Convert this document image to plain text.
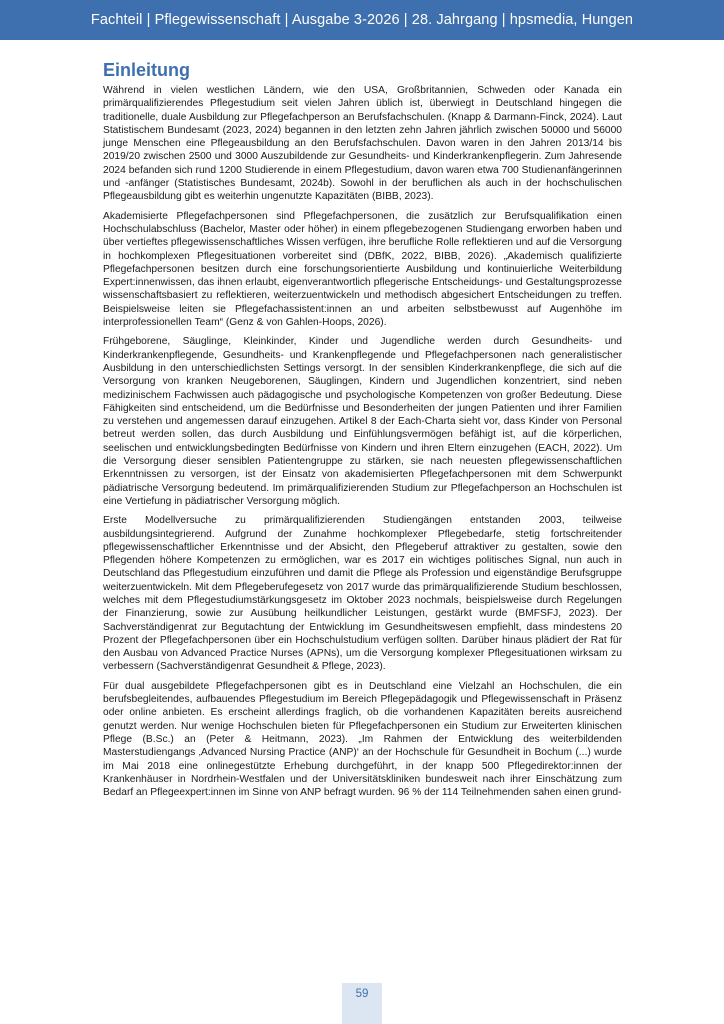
Fachteil | Pflegewissenschaft | Ausgabe 3-2026 | 28. Jahrgang | hpsmedia, Hungen
Einleitung

Während in vielen westlichen Ländern, wie den USA, Großbritannien, Schweden oder Kanada ein primärqualifizierendes Pflegestudium seit vielen Jahren üblich ist, überwiegt in Deutschland hingegen die traditionelle, duale Ausbildung zur Pflegefachperson an Berufsfachschulen. (Knapp & Darmann-Finck, 2024). Laut Statistischem Bundesamt (2023, 2024) begannen in den letzten zehn Jahren jährlich zwischen 50000 und 56000 junge Menschen eine Pflegeausbildung an den Berufsfachschulen. Davon waren in den Jahren 2013/14 bis 2019/20 zwischen 2500 und 3000 Auszubildende zur Gesundheits- und Kinderkrankenpflegerin. Zum Jahresende 2024 befanden sich rund 1200 Studierende in einem Pflegestudium, davon waren etwa 700 Studienanfängerinnen und -anfänger (Statistisches Bundesamt, 2024b). Sowohl in der beruflichen als auch in der hochschulischen Pflegeausbildung gibt es weiterhin ungenutzte Kapazitäten (BIBB, 2023).

Akademisierte Pflegefachpersonen sind Pflegefachpersonen, die zusätzlich zur Berufsqualifikation einen Hochschulabschluss (Bachelor, Master oder höher) in einem pflegebezogenen Studiengang erworben haben und über vertieftes pflegewissenschaftliches Wissen verfügen, ihre berufliche Rolle reflektieren und auf die Versorgung in hochkomplexen Pflegesituationen vorbereitet sind (DBfK, 2022, BIBB, 2026). „Akademisch qualifizierte Pflegefachpersonen besitzen durch eine forschungsorientierte Ausbildung und kontinuierliche Weiterbildung Expert:innenwissen, das ihnen erlaubt, eigenverantwortlich pflegerische Entscheidungs- und Gestaltungsprozesse wissenschaftsbasiert zu reflektieren, weiterzuentwickeln und methodisch abgesichert Entscheidungen zu treffen. Beispielsweise leiten sie Pflegefachassistent:innen an und arbeiten selbstbewusst auf Augenhöhe im interprofessionellen Team“ (Genz & von Gahlen-Hoops, 2026).

Frühgeborene, Säuglinge, Kleinkinder, Kinder und Jugendliche werden durch Gesundheits- und Kinderkrankenpflegende, Gesundheits- und Krankenpflegende und Pflegefachpersonen nach generalistischer Ausbildung in den unterschiedlichsten Settings versorgt. In der sensiblen Kinderkrankenpflege, die sich auf die Versorgung von kranken Neugeborenen, Säuglingen, Kindern und Jugendlichen konzentriert, sind neben medizinischem Fachwissen auch pädagogische und psychologische Kompetenzen von großer Bedeutung. Diese Fähigkeiten sind entscheidend, um die Bedürfnisse und Besonderheiten der jungen Patienten und ihrer Familien zu verstehen und angemessen darauf einzugehen. Artikel 8 der Each-Charta sieht vor, dass Kinder von Personal betreut werden sollen, das durch Ausbildung und Einfühlungsvermögen befähigt ist, auf die körperlichen, seelischen und entwicklungsbedingten Bedürfnisse von Kindern und ihren Eltern einzugehen (EACH, 2022). Um die Versorgung dieser sensiblen Patientengruppe zu stärken, sie nach neuesten pflegewissenschaftlichen Erkenntnissen zu versorgen, ist der Einsatz von akademisierten Pflegefachpersonen mit dem Schwerpunkt pädiatrische Versorgung bedeutend. Im primärqualifizierenden Studium zur Pflegefachperson an Hochschulen ist eine Vertiefung in pädiatrischer Versorgung möglich.

Erste Modellversuche zu primärqualifizierenden Studiengängen entstanden 2003, teilweise ausbildungsintegrierend. Aufgrund der Zunahme hochkomplexer Pflegebedarfe, stetig fortschreitender pflegewissenschaftlicher Erkenntnisse und der Absicht, den Pflegeberuf attraktiver zu gestalten, sowie den Pflegenden höhere Kompetenzen zu ermöglichen, war es 2017 ein wichtiges politisches Signal, nun auch in Deutschland das Pflegestudium einzuführen und damit die Pflege als Profession und eigenständige Berufsgruppe weiterzuentwickeln. Mit dem Pflegeberufegesetz von 2017 wurde das primärqualifizierende Studium beschlossen, welches mit dem Pflegestudiumstärkungsgesetz im Oktober 2023 nochmals, beispielsweise durch Regelungen der Finanzierung, sowie zur Ausübung heilkundlicher Leistungen, gestärkt wurde (BMFSFJ, 2023). Der Sachverständigenrat zur Begutachtung der Entwicklung im Gesundheitswesen empfiehlt, dass mindestens 20 Prozent der Pflegefachpersonen über ein Hochschulstudium verfügen sollten. Darüber hinaus plädiert der Rat für den Ausbau von Advanced Practice Nurses (APNs), um die Versorgung komplexer Pflegesituationen wirksam zu verbessern (Sachverständigenrat Gesundheit & Pflege, 2023).

Für dual ausgebildete Pflegefachpersonen gibt es in Deutschland eine Vielzahl an Hochschulen, die ein berufsbegleitendes, aufbauendes Pflegestudium im Bereich Pflegepädagogik und Pflegewissenschaft in Präsenz oder online anbieten. Es erscheint allerdings fraglich, ob die vorhandenen Kapazitäten bereits ausreichend genutzt werden. Nur wenige Hochschulen bieten für Pflegefachpersonen ein Studium zur Erweiterten klinischen Pflege (B.Sc.) an (Peter & Heitmann, 2023). „Im Rahmen der Entwicklung des weiterbildenden Masterstudiengangs ‚Advanced Nursing Practice (ANP)‘ an der Hochschule für Gesundheit in Bochum (...) wurde im Mai 2018 eine onlinegestützte Erhebung durchgeführt, in der knapp 500 Pflegedirektor:innen der Krankenhäuser in Nordrhein-Westfalen und der Universitätskliniken bundesweit nach ihrer Einschätzung zum Bedarf an Pflegeexpert:innen im Sinne von ANP befragt wurden. 96 % der 114 Teilnehmenden sahen einen grund-

59
